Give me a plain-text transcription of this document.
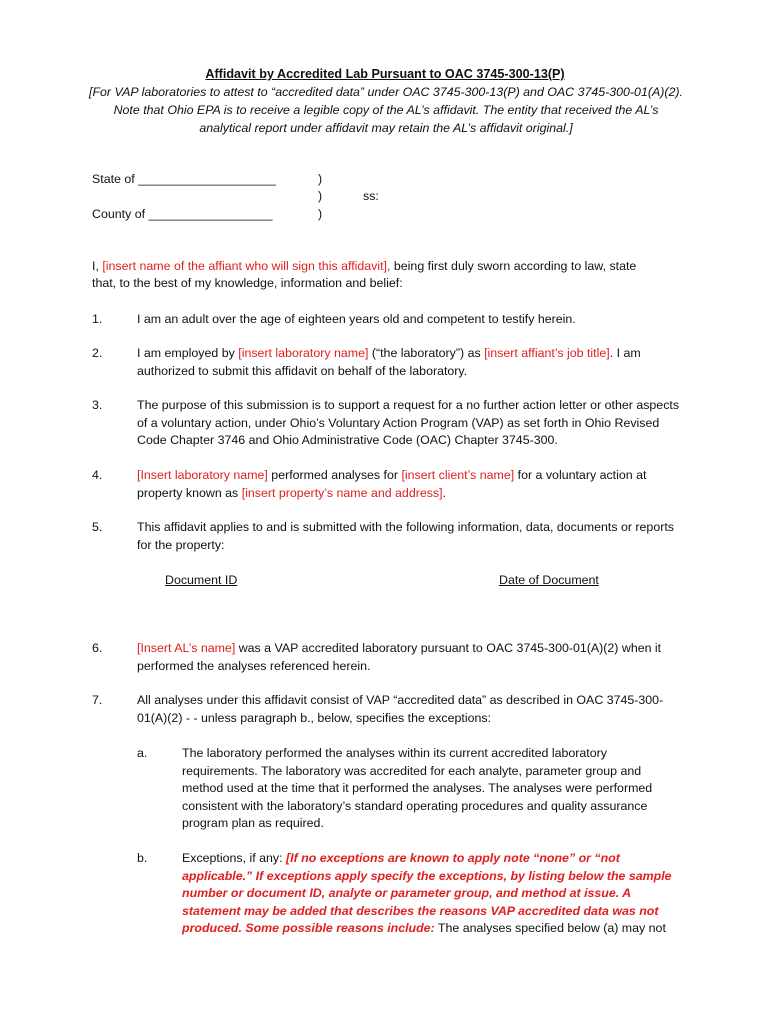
Affidavit by Accredited Lab Pursuant to OAC 3745-300-13(P)
[For VAP laboratories to attest to “accredited data” under OAC 3745-300-13(P) and OAC 3745-300-01(A)(2). Note that Ohio EPA is to receive a legible copy of the AL’s affidavit. The entity that received the AL’s analytical report under affidavit may retain the AL’s affidavit original.]
State of ____________________	)
)	ss:
County of __________________	)
I, [insert name of the affiant who will sign this affidavit], being first duly sworn according to law, state
that, to the best of my knowledge, information and belief:
1.	I am an adult over the age of eighteen years old and competent to testify herein.
2.	I am employed by [insert laboratory name] (“the laboratory”) as [insert affiant’s job title]. I am authorized to submit this affidavit on behalf of the laboratory.
3.	The purpose of this submission is to support a request for a no further action letter or other aspects of a voluntary action, under Ohio’s Voluntary Action Program (VAP) as set forth in Ohio Revised Code Chapter 3746 and Ohio Administrative Code (OAC) Chapter 3745-300.
4.	[Insert laboratory name] performed analyses for [insert client’s name] for a voluntary action at property known as [insert property’s name and address].
5.	This affidavit applies to and is submitted with the following information, data, documents or reports for the property:
Document ID	Date of Document
6.	[Insert AL’s name] was a VAP accredited laboratory pursuant to OAC 3745-300-01(A)(2) when it performed the analyses referenced herein.
7.	All analyses under this affidavit consist of VAP “accredited data” as described in OAC 3745-300-01(A)(2) - - unless paragraph b., below, specifies the exceptions:
a.	The laboratory performed the analyses within its current accredited laboratory requirements. The laboratory was accredited for each analyte, parameter group and method used at the time that it performed the analyses. The analyses were performed consistent with the laboratory’s standard operating procedures and quality assurance program plan as required.
b.	Exceptions, if any: [If no exceptions are known to apply note “none” or “not applicable.” If exceptions apply specify the exceptions, by listing below the sample number or document ID, analyte or parameter group, and method at issue. A statement may be added that describes the reasons VAP accredited data was not produced. Some possible reasons include: The analyses specified below (a) may not
